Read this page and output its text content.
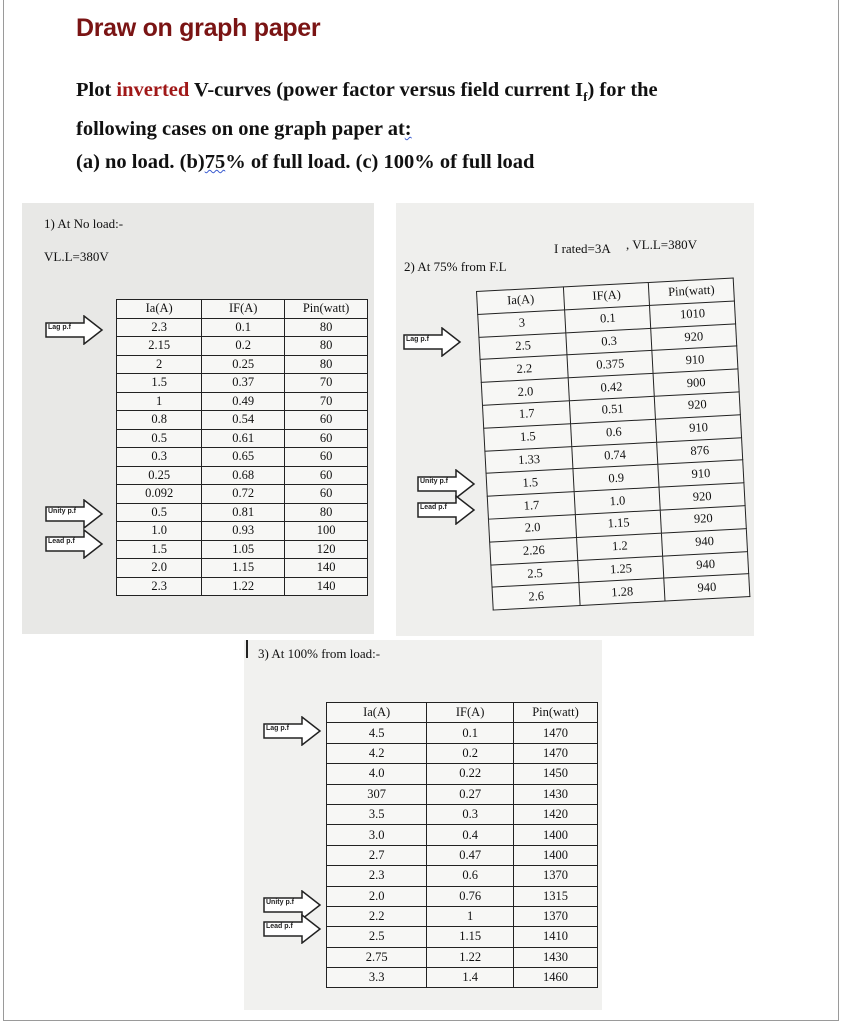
Draw on graph paper
Plot inverted V-curves (power factor versus field current $I_f$) for the
following cases on one graph paper at:
(a) no load. (b)75% of full load. (c) 100% of full load
1) At No load:-
VL.L=380V
Ia(A)	IF(A)	Pin(watt)
2.3	0.1	80
2.15	0.2	80
2	0.25	80
1.5	0.37	70
1	0.49	70
0.8	0.54	60
0.5	0.61	60
0.3	0.65	60
0.25	0.68	60
0.092	0.72	60
0.5	0.81	80
1.0	0.93	100
1.5	1.05	120
2.0	1.15	140
2.3	1.22	140
Lag p.f
Unity p.f
Lead p.f
2) At 75% from F.L
I rated=3A , VL.L=380V
Ia(A)	IF(A)	Pin(watt)
3	0.1	1010
2.5	0.3	920
2.2	0.375	910
2.0	0.42	900
1.7	0.51	920
1.5	0.6	910
1.33	0.74	876
1.5	0.9	910
1.7	1.0	920
2.0	1.15	920
2.26	1.2	940
2.5	1.25	940
2.6	1.28	940
Lag p.f
Unity p.f
Lead p.f
3) At 100% from load:-
Ia(A)	IF(A)	Pin(watt)
4.5	0.1	1470
4.2	0.2	1470
4.0	0.22	1450
307	0.27	1430
3.5	0.3	1420
3.0	0.4	1400
2.7	0.47	1400
2.3	0.6	1370
2.0	0.76	1315
2.2	1	1370
2.5	1.15	1410
2.75	1.22	1430
3.3	1.4	1460
Lag p.f
Unity p.f
Lead p.f
